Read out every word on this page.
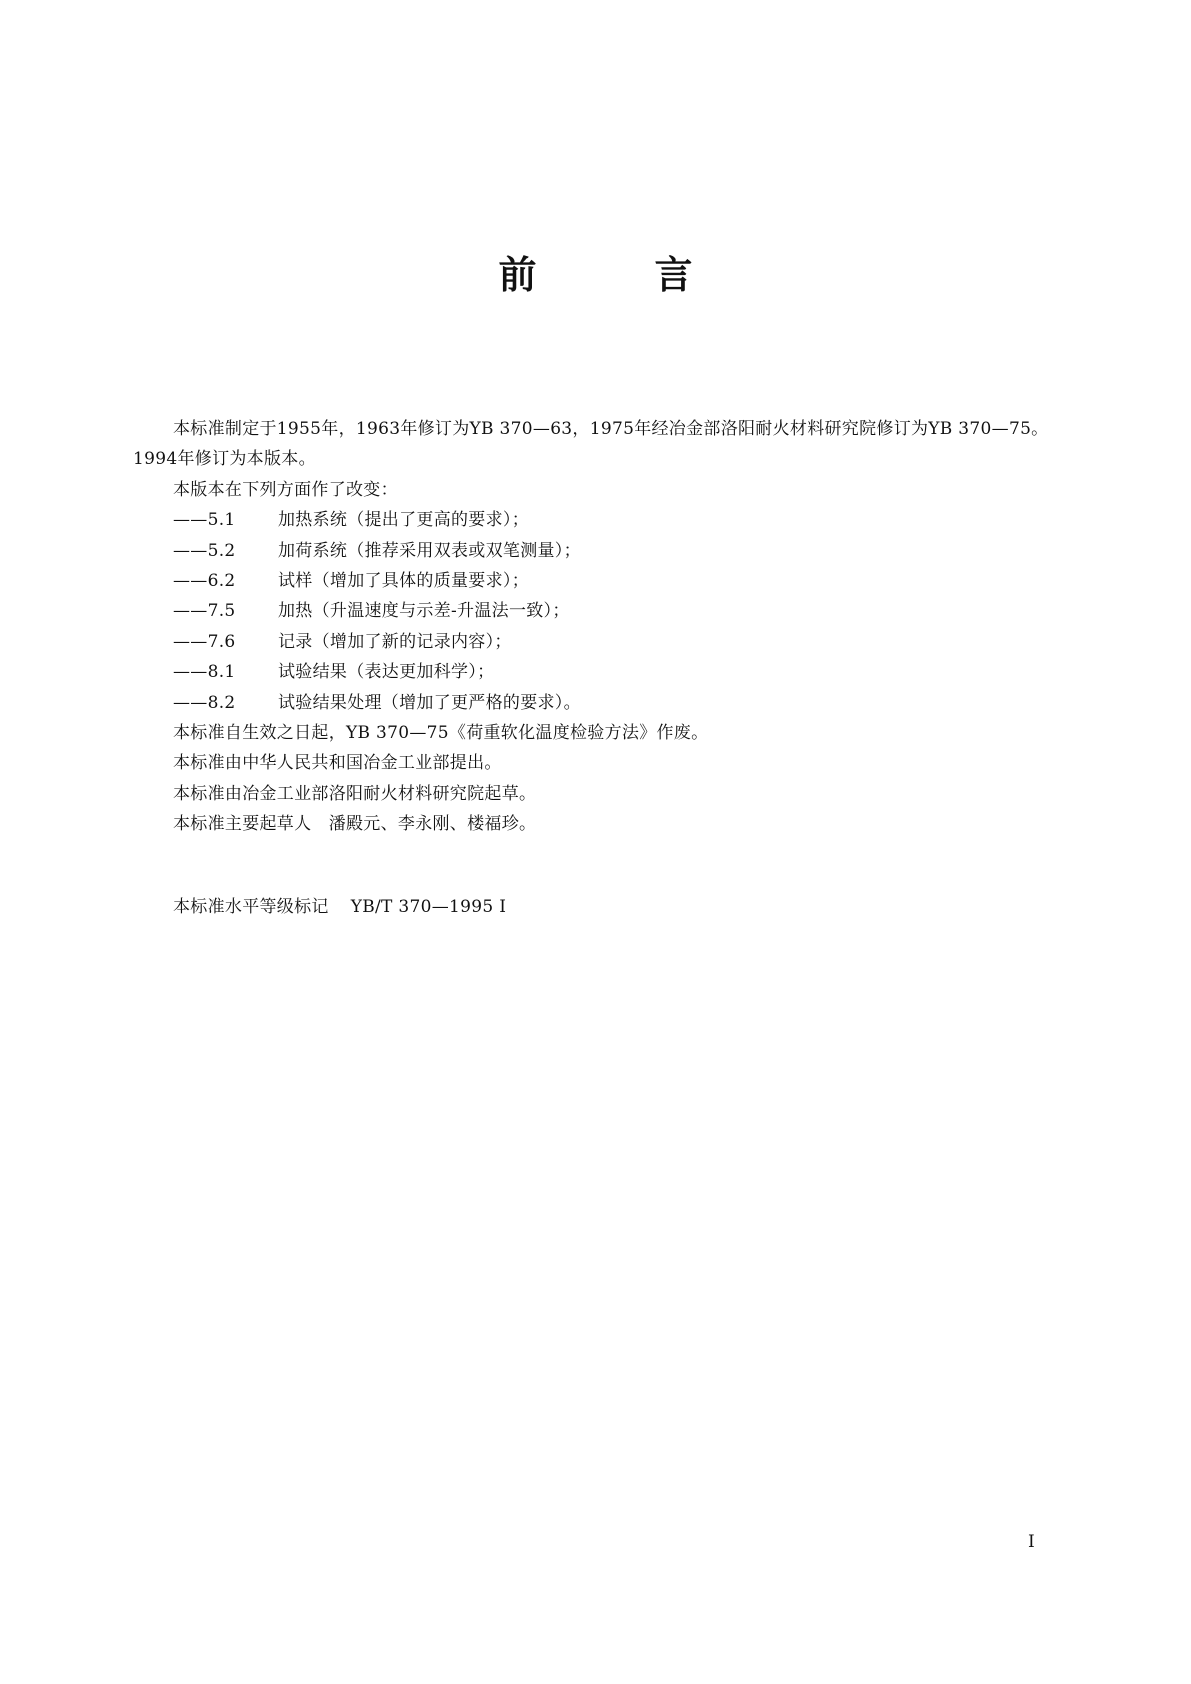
前	言

本标准制定于1955年，1963年修订为YB 370—63，1975年经冶金部洛阳耐火材料研究院修订为YB 370—75。1994年修订为本版本。

本版本在下列方面作了改变：

——5.1 加热系统（提出了更高的要求）；

——5.2 加荷系统（推荐采用双表或双笔测量）；

——6.2 试样（增加了具体的质量要求）；

——7.5 加热（升温速度与示差-升温法一致）；

——7.6 记录（增加了新的记录内容）；

——8.1 试验结果（表达更加科学）；

——8.2 试验结果处理（增加了更严格的要求）。

本标准自生效之日起，YB 370—75《荷重软化温度检验方法》作废。

本标准由中华人民共和国冶金工业部提出。

本标准由冶金工业部洛阳耐火材料研究院起草。

本标准主要起草人　潘殿元、李永刚、楼福珍。

本标准水平等级标记 YB/T 370—1995 I
I
